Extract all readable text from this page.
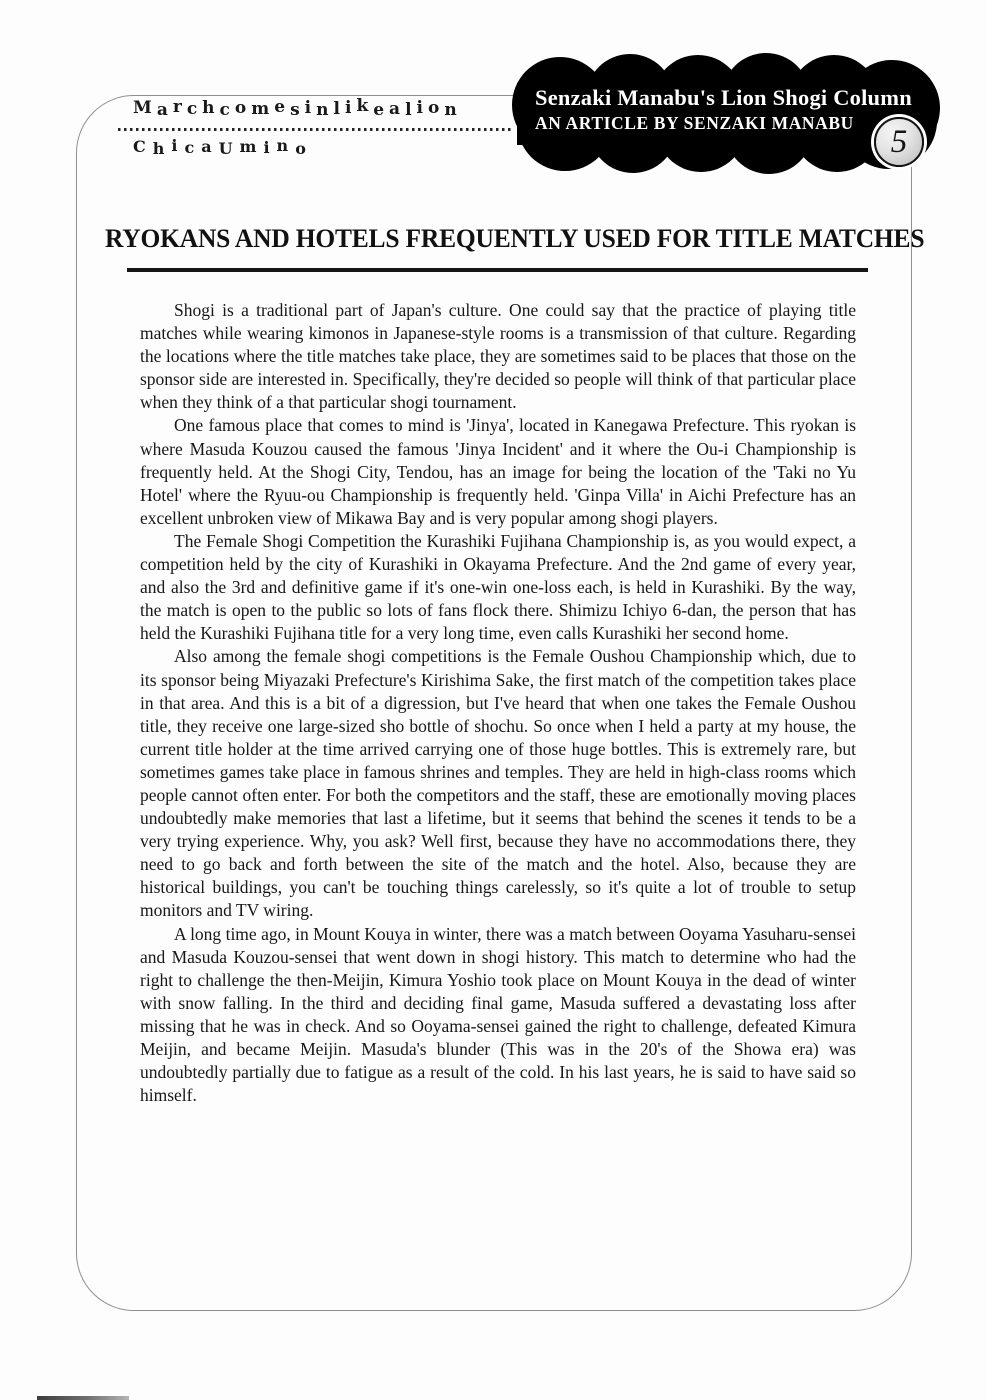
Marchcomesinlikealion
ChicaUmino
Senzaki Manabu's Lion Shogi Column
AN ARTICLE BY SENZAKI MANABU
5
RYOKANS AND HOTELS FREQUENTLY USED FOR TITLE MATCHES

Shogi is a traditional part of Japan's culture. One could say that the practice of playing title matches while wearing kimonos in Japanese-style rooms is a transmission of that culture. Regarding the locations where the title matches take place, they are sometimes said to be places that those on the sponsor side are interested in. Specifically, they're decided so people will think of that particular place when they think of a that particular shogi tournament.

One famous place that comes to mind is 'Jinya', located in Kanegawa Prefecture. This ryokan is where Masuda Kouzou caused the famous 'Jinya Incident' and it where the Ou-i Championship is frequently held. At the Shogi City, Tendou, has an image for being the location of the 'Taki no Yu Hotel' where the Ryuu-ou Championship is frequently held. 'Ginpa Villa' in Aichi Prefecture has an excellent unbroken view of Mikawa Bay and is very popular among shogi players.

The Female Shogi Competition the Kurashiki Fujihana Championship is, as you would expect, a competition held by the city of Kurashiki in Okayama Prefecture. And the 2nd game of every year, and also the 3rd and definitive game if it's one-win one-loss each, is held in Kurashiki. By the way, the match is open to the public so lots of fans flock there. Shimizu Ichiyo 6-dan, the person that has held the Kurashiki Fujihana title for a very long time, even calls Kurashiki her second home.

Also among the female shogi competitions is the Female Oushou Championship which, due to its sponsor being Miyazaki Prefecture's Kirishima Sake, the first match of the competition takes place in that area. And this is a bit of a digression, but I've heard that when one takes the Female Oushou title, they receive one large-sized sho bottle of shochu. So once when I held a party at my house, the current title holder at the time arrived carrying one of those huge bottles. This is extremely rare, but sometimes games take place in famous shrines and temples. They are held in high-class rooms which people cannot often enter. For both the competitors and the staff, these are emotionally moving places undoubtedly make memories that last a lifetime, but it seems that behind the scenes it tends to be a very trying experience. Why, you ask? Well first, because they have no accommodations there, they need to go back and forth between the site of the match and the hotel. Also, because they are historical buildings, you can't be touching things carelessly, so it's quite a lot of trouble to setup monitors and TV wiring.

A long time ago, in Mount Kouya in winter, there was a match between Ooyama Yasuharu-sensei and Masuda Kouzou-sensei that went down in shogi history. This match to determine who had the right to challenge the then-Meijin, Kimura Yoshio took place on Mount Kouya in the dead of winter with snow falling. In the third and deciding final game, Masuda suffered a devastating loss after missing that he was in check. And so Ooyama-sensei gained the right to challenge, defeated Kimura Meijin, and became Meijin. Masuda's blunder (This was in the 20's of the Showa era) was undoubtedly partially due to fatigue as a result of the cold. In his last years, he is said to have said so himself.
